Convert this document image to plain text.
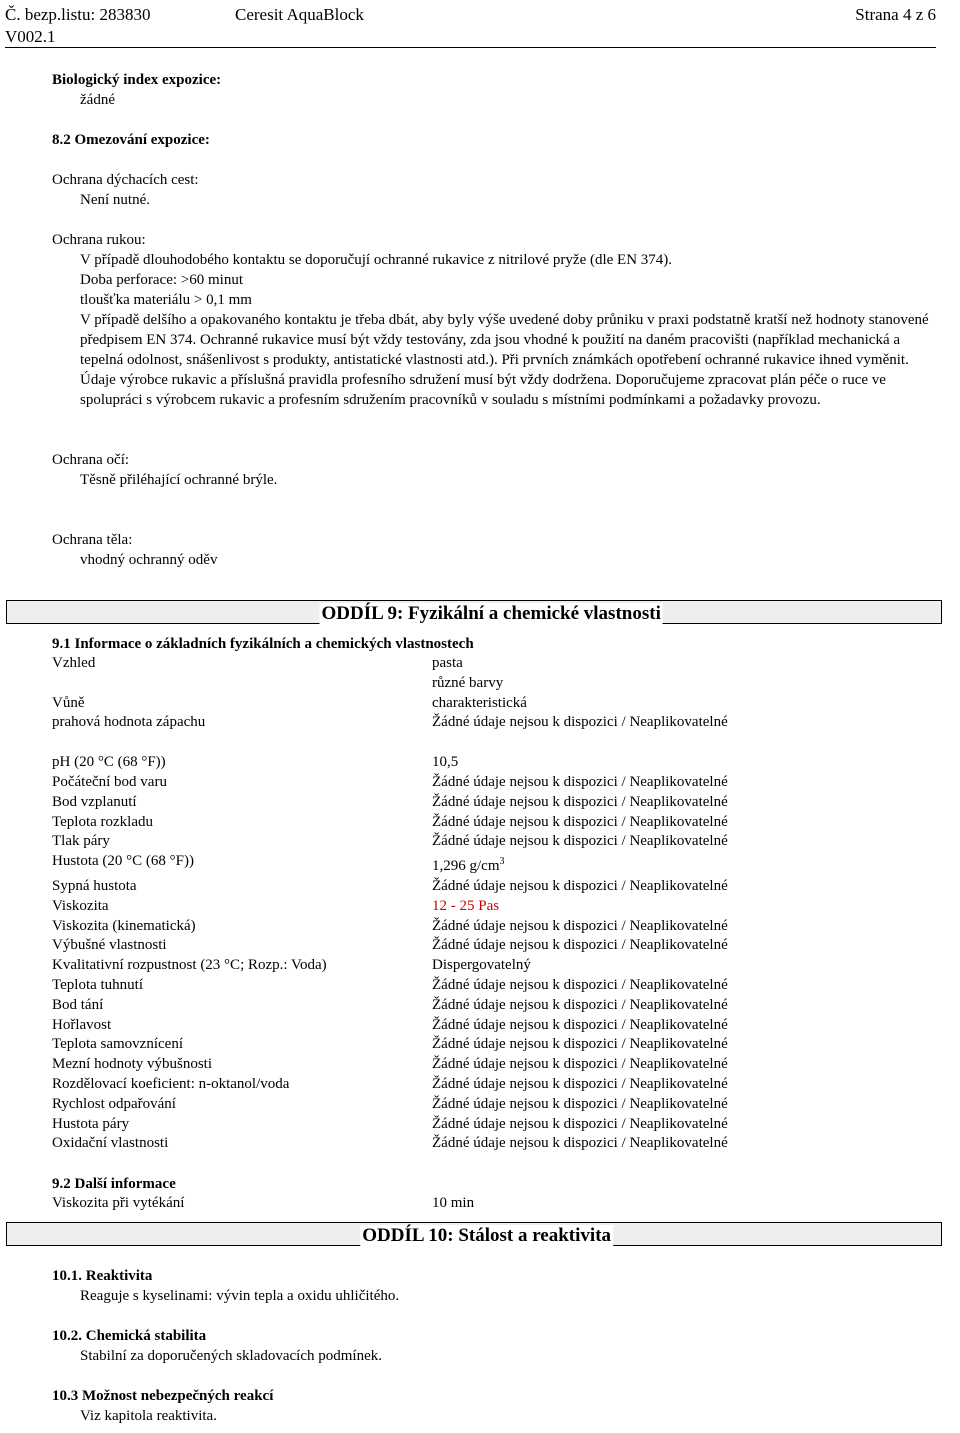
Č. bezp.listu: 283830
V002.1
Ceresit AquaBlock	Strana 4 z 6
Biologický index expozice:
žádné
8.2 Omezování expozice:
Ochrana dýchacích cest:
Není nutné.
Ochrana rukou:
V případě dlouhodobého kontaktu se doporučují ochranné rukavice z nitrilové pryže (dle EN 374).
Doba perforace: >60 minut
tloušťka materiálu > 0,1 mm
V případě delšího a opakovaného kontaktu je třeba dbát, aby byly výše uvedené doby průniku v praxi podstatně kratší než hodnoty stanovené předpisem EN 374. Ochranné rukavice musí být vždy testovány, zda jsou vhodné k použití na daném pracovišti (například mechanická a tepelná odolnost, snášenlivost s produkty, antistatické vlastnosti atd.). Při prvních známkách opotřebení ochranné rukavice ihned vyměnit. Údaje výrobce rukavic a příslušná pravidla profesního sdružení musí být vždy dodržena. Doporučujeme zpracovat plán péče o ruce ve spolupráci s výrobcem rukavic a profesním sdružením pracovníků v souladu s místními podmínkami a požadavky provozu.
Ochrana očí:
Těsně přiléhající ochranné brýle.
Ochrana těla:
vhodný ochranný oděv
ODDÍL 9: Fyzikální a chemické vlastnosti
9.1 Informace o základních fyzikálních a chemických vlastnostech
Vzhled	pasta
různé barvy
Vůně	charakteristická
prahová hodnota zápachu	Žádné údaje nejsou k dispozici / Neaplikovatelné
pH (20 °C (68 °F))	10,5
Počáteční bod varu	Žádné údaje nejsou k dispozici / Neaplikovatelné
Bod vzplanutí	Žádné údaje nejsou k dispozici / Neaplikovatelné
Teplota rozkladu	Žádné údaje nejsou k dispozici / Neaplikovatelné
Tlak páry	Žádné údaje nejsou k dispozici / Neaplikovatelné
Hustota (20 °C (68 °F))	1,296 $g/cm^3$
Sypná hustota	Žádné údaje nejsou k dispozici / Neaplikovatelné
Viskozita	12 - 25 Pas
Viskozita (kinematická)	Žádné údaje nejsou k dispozici / Neaplikovatelné
Výbušné vlastnosti	Žádné údaje nejsou k dispozici / Neaplikovatelné
Kvalitativní rozpustnost (23 °C; Rozp.: Voda)	Dispergovatelný
Teplota tuhnutí	Žádné údaje nejsou k dispozici / Neaplikovatelné
Bod tání	Žádné údaje nejsou k dispozici / Neaplikovatelné
Hořlavost	Žádné údaje nejsou k dispozici / Neaplikovatelné
Teplota samovznícení	Žádné údaje nejsou k dispozici / Neaplikovatelné
Mezní hodnoty výbušnosti	Žádné údaje nejsou k dispozici / Neaplikovatelné
Rozdělovací koeficient: n-oktanol/voda	Žádné údaje nejsou k dispozici / Neaplikovatelné
Rychlost odpařování	Žádné údaje nejsou k dispozici / Neaplikovatelné
Hustota páry	Žádné údaje nejsou k dispozici / Neaplikovatelné
Oxidační vlastnosti	Žádné údaje nejsou k dispozici / Neaplikovatelné
9.2 Další informace
Viskozita při vytékání	10 min
ODDÍL 10: Stálost a reaktivita
10.1. Reaktivita
Reaguje s kyselinami: vývin tepla a oxidu uhličitého.
10.2. Chemická stabilita
Stabilní za doporučených skladovacích podmínek.
10.3 Možnost nebezpečných reakcí
Viz kapitola reaktivita.
